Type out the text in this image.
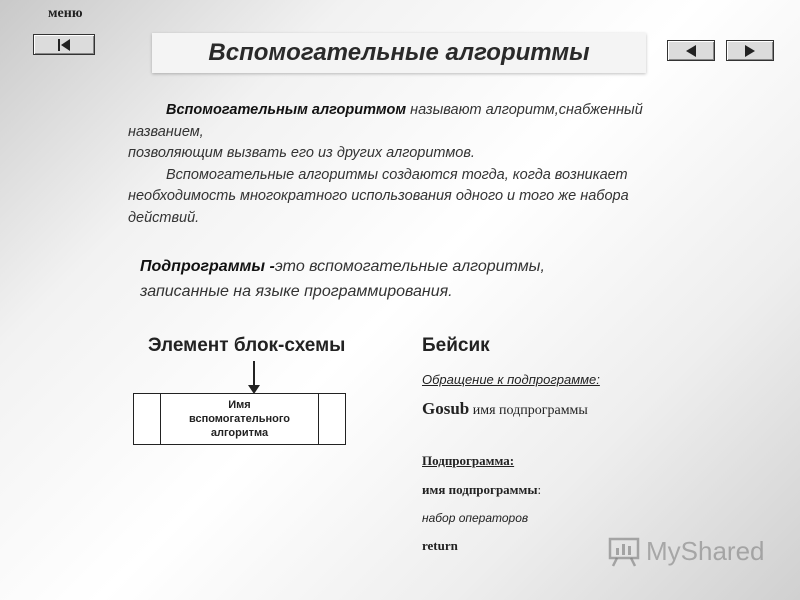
меню
Вспомогательные алгоритмы
Вспомогательным алгоритмом называют алгоритм,снабженный
названием,
позволяющим вызвать его из других алгоритмов.
Вспомогательные алгоритмы создаются тогда, когда возникает
необходимость многократного использования одного и того же набора
действий.
Подпрограммы -это вспомогательные алгоритмы,
записанные на языке программирования.
Элемент блок-схемы	Бейсик
Имя
вспомогательного
алгоритма
Обращение к подпрограмме:
Gosub имя подпрограммы
Подпрограмма:
имя подпрограммы:
набор операторов
return	MyShared
